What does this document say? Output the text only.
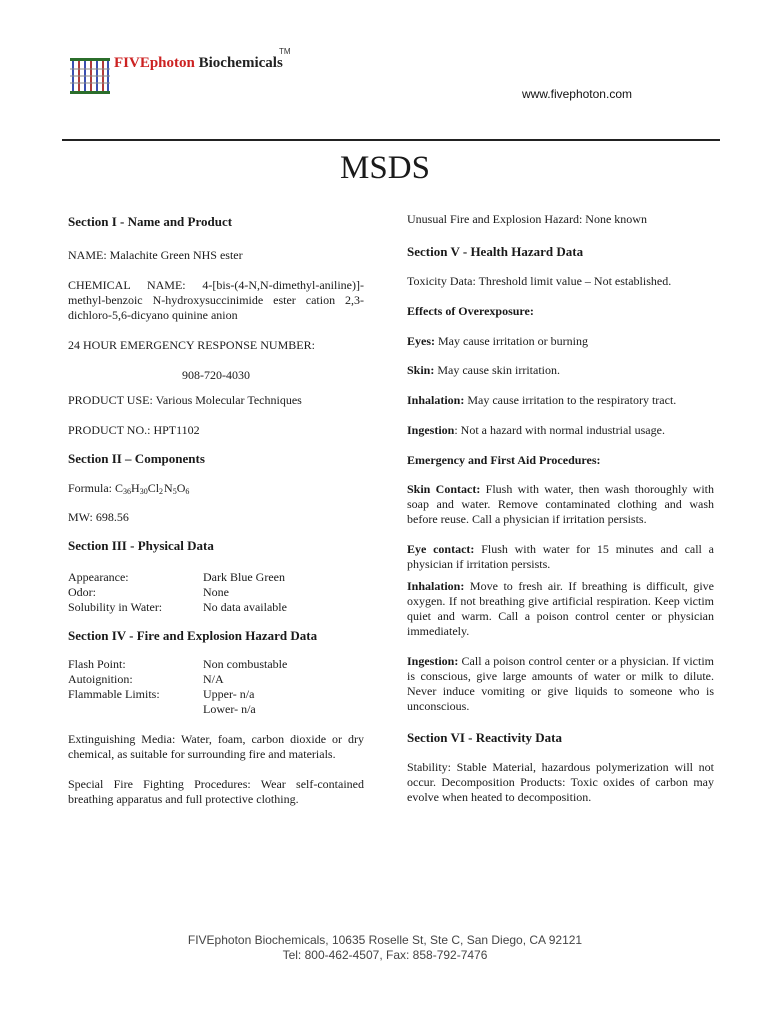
FIVEphoton Biochemicals
TM
www.fivephoton.com
MSDS

Section I - Name and Product

NAME: Malachite Green NHS ester

CHEMICAL NAME: 4-[bis-(4-N,N-dimethyl-aniline)]-methyl-benzoic N-hydroxysuccinimide ester cation 2,3-dichloro-5,6-dicyano quinine anion

24 HOUR EMERGENCY RESPONSE NUMBER:

908-720-4030

PRODUCT USE: Various Molecular Techniques

PRODUCT NO.: HPT1102

Section II – Components

Formula: $C_{36}H_{30}Cl_2$ $N_5O_6$

MW: 698.56

Section III - Physical Data

Appearance:	Dark Blue Green
Odor:	None
Solubility in Water:	No data available

Section IV - Fire and Explosion Hazard Data

Flash Point:	Non combustable
Autoignition:	N/A
Flammable Limits:	Upper- n/a
Lower- n/a

Extinguishing Media: Water, foam, carbon dioxide or dry chemical, as suitable for surrounding fire and materials.

Special Fire Fighting Procedures: Wear self-contained breathing apparatus and full protective clothing.

Unusual Fire and Explosion Hazard: None known

Section V - Health Hazard Data

Toxicity Data: Threshold limit value – Not established.

Effects of Overexposure:

Eyes: May cause irritation or burning

Skin: May cause skin irritation.

Inhalation: May cause irritation to the respiratory tract.

Ingestion: Not a hazard with normal industrial usage.

Emergency and First Aid Procedures:

Skin Contact: Flush with water, then wash thoroughly with soap and water. Remove contaminated clothing and wash before reuse. Call a physician if irritation persists.

Eye contact: Flush with water for 15 minutes and call a physician if irritation persists.

Inhalation: Move to fresh air. If breathing is difficult, give oxygen. If not breathing give artificial respiration. Keep victim quiet and warm. Call a poison control center or physician immediately.

Ingestion: Call a poison control center or a physician. If victim is conscious, give large amounts of water or milk to dilute. Never induce vomiting or give liquids to someone who is unconscious.

Section VI - Reactivity Data

Stability: Stable Material, hazardous polymerization will not occur. Decomposition Products: Toxic oxides of carbon may evolve when heated to decomposition.

FIVEphoton Biochemicals, 10635 Roselle St, Ste C, San Diego, CA 92121
Tel: 800-462-4507, Fax: 858-792-7476
